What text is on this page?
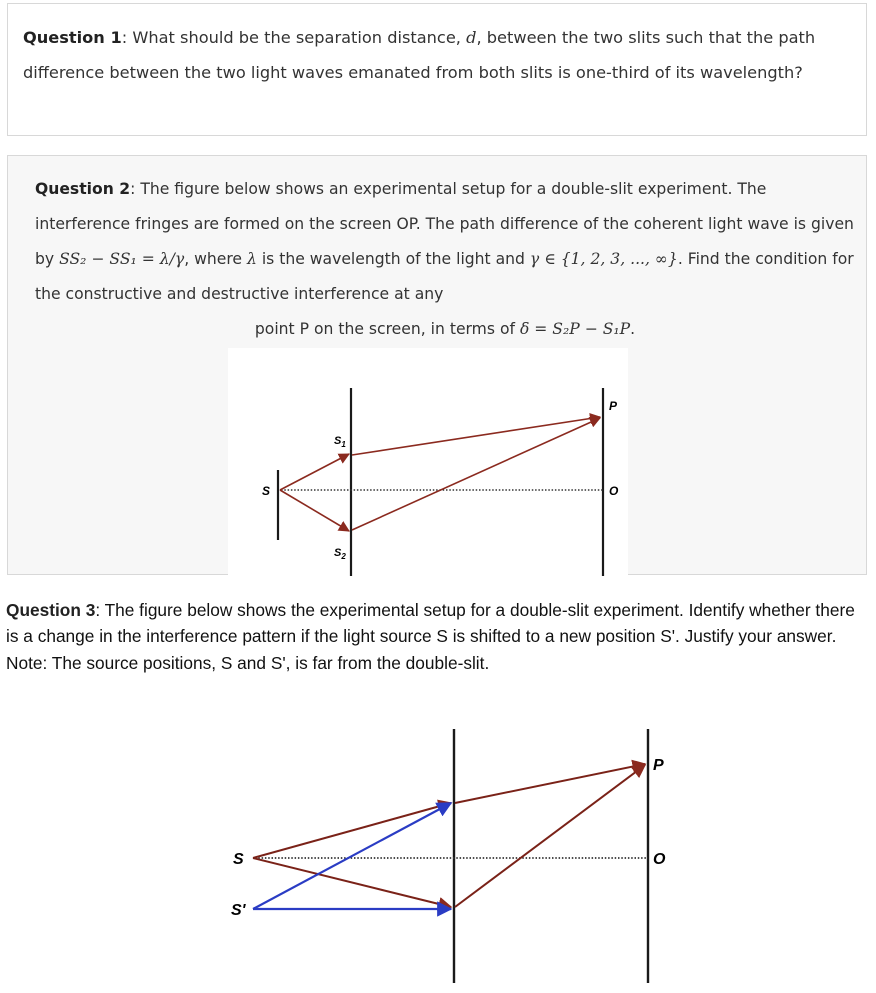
Question 1: What should be the separation distance, d, between the two slits such that the path difference between the two light waves emanated from both slits is one-third of its wavelength?
Question 2: The figure below shows an experimental setup for a double-slit experiment. The interference fringes are formed on the screen OP. The path difference of the coherent light wave is given by SS₂ − SS₁ = λ/γ, where λ is the wavelength of the light and γ ∈ {1, 2, 3, ..., ∞}. Find the condition for the constructive and destructive interference at any
point P on the screen, in terms of δ = S₂P − S₁P.
S
$S_1$
$S_2$
P
O
Question 3: The figure below shows the experimental setup for a double-slit experiment. Identify whether there is a change in the interference pattern if the light source S is shifted to a new position S'. Justify your answer. Note: The source positions, S and S', is far from the double-slit.
S
S'
P
O
